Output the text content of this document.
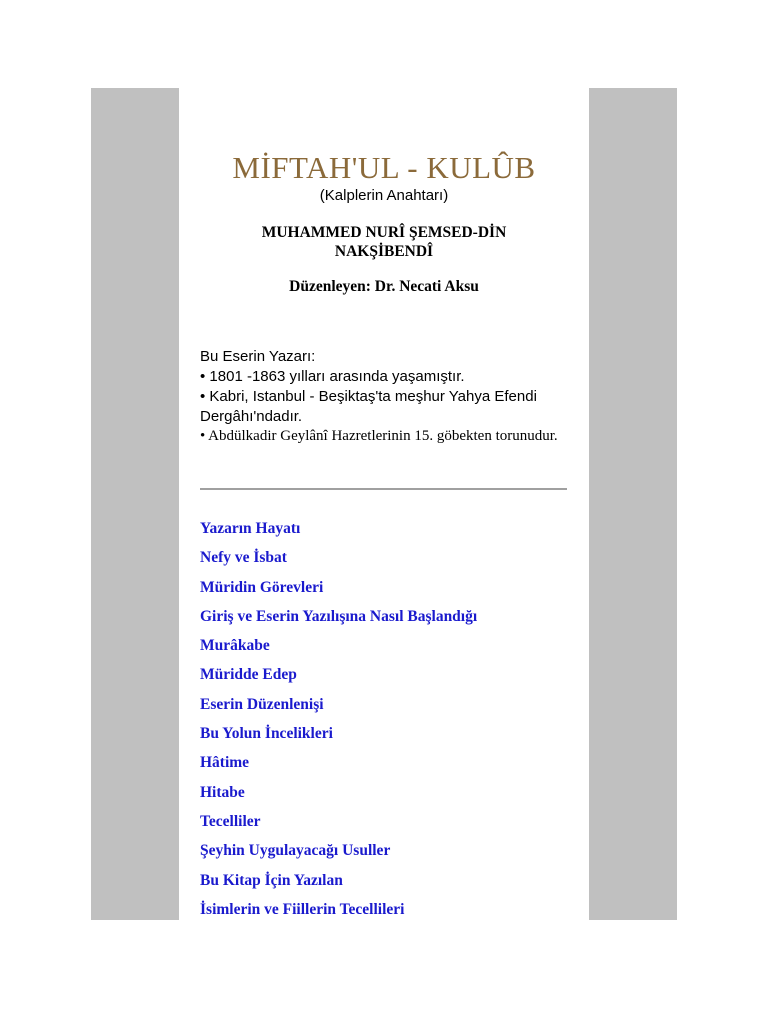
MİFTAH'UL - KULÛB
(Kalplerin Anahtarı)
MUHAMMED NURÎ ŞEMSED-DİN
NAKŞİBENDÎ
Düzenleyen: Dr. Necati Aksu
Bu Eserin Yazarı:
• 1801 -1863 yılları arasında yaşamıştır.
• Kabri, Istanbul - Beşiktaş'ta meşhur Yahya Efendi Dergâhı'ndadır.
• Abdülkadir Geylânî Hazretlerinin 15. göbekten torunudur.
Yazarın Hayatı
Nefy ve İsbat
Müridin Görevleri
Giriş ve Eserin Yazılışına Nasıl Başlandığı
Murâkabe
Müridde Edep
Eserin Düzenlenişi
Bu Yolun İncelikleri
Hâtime
Hitabe
Tecelliler
Şeyhin Uygulayacağı Usuller
Bu Kitap İçin Yazılan
İsimlerin ve Fiillerin Tecellileri
